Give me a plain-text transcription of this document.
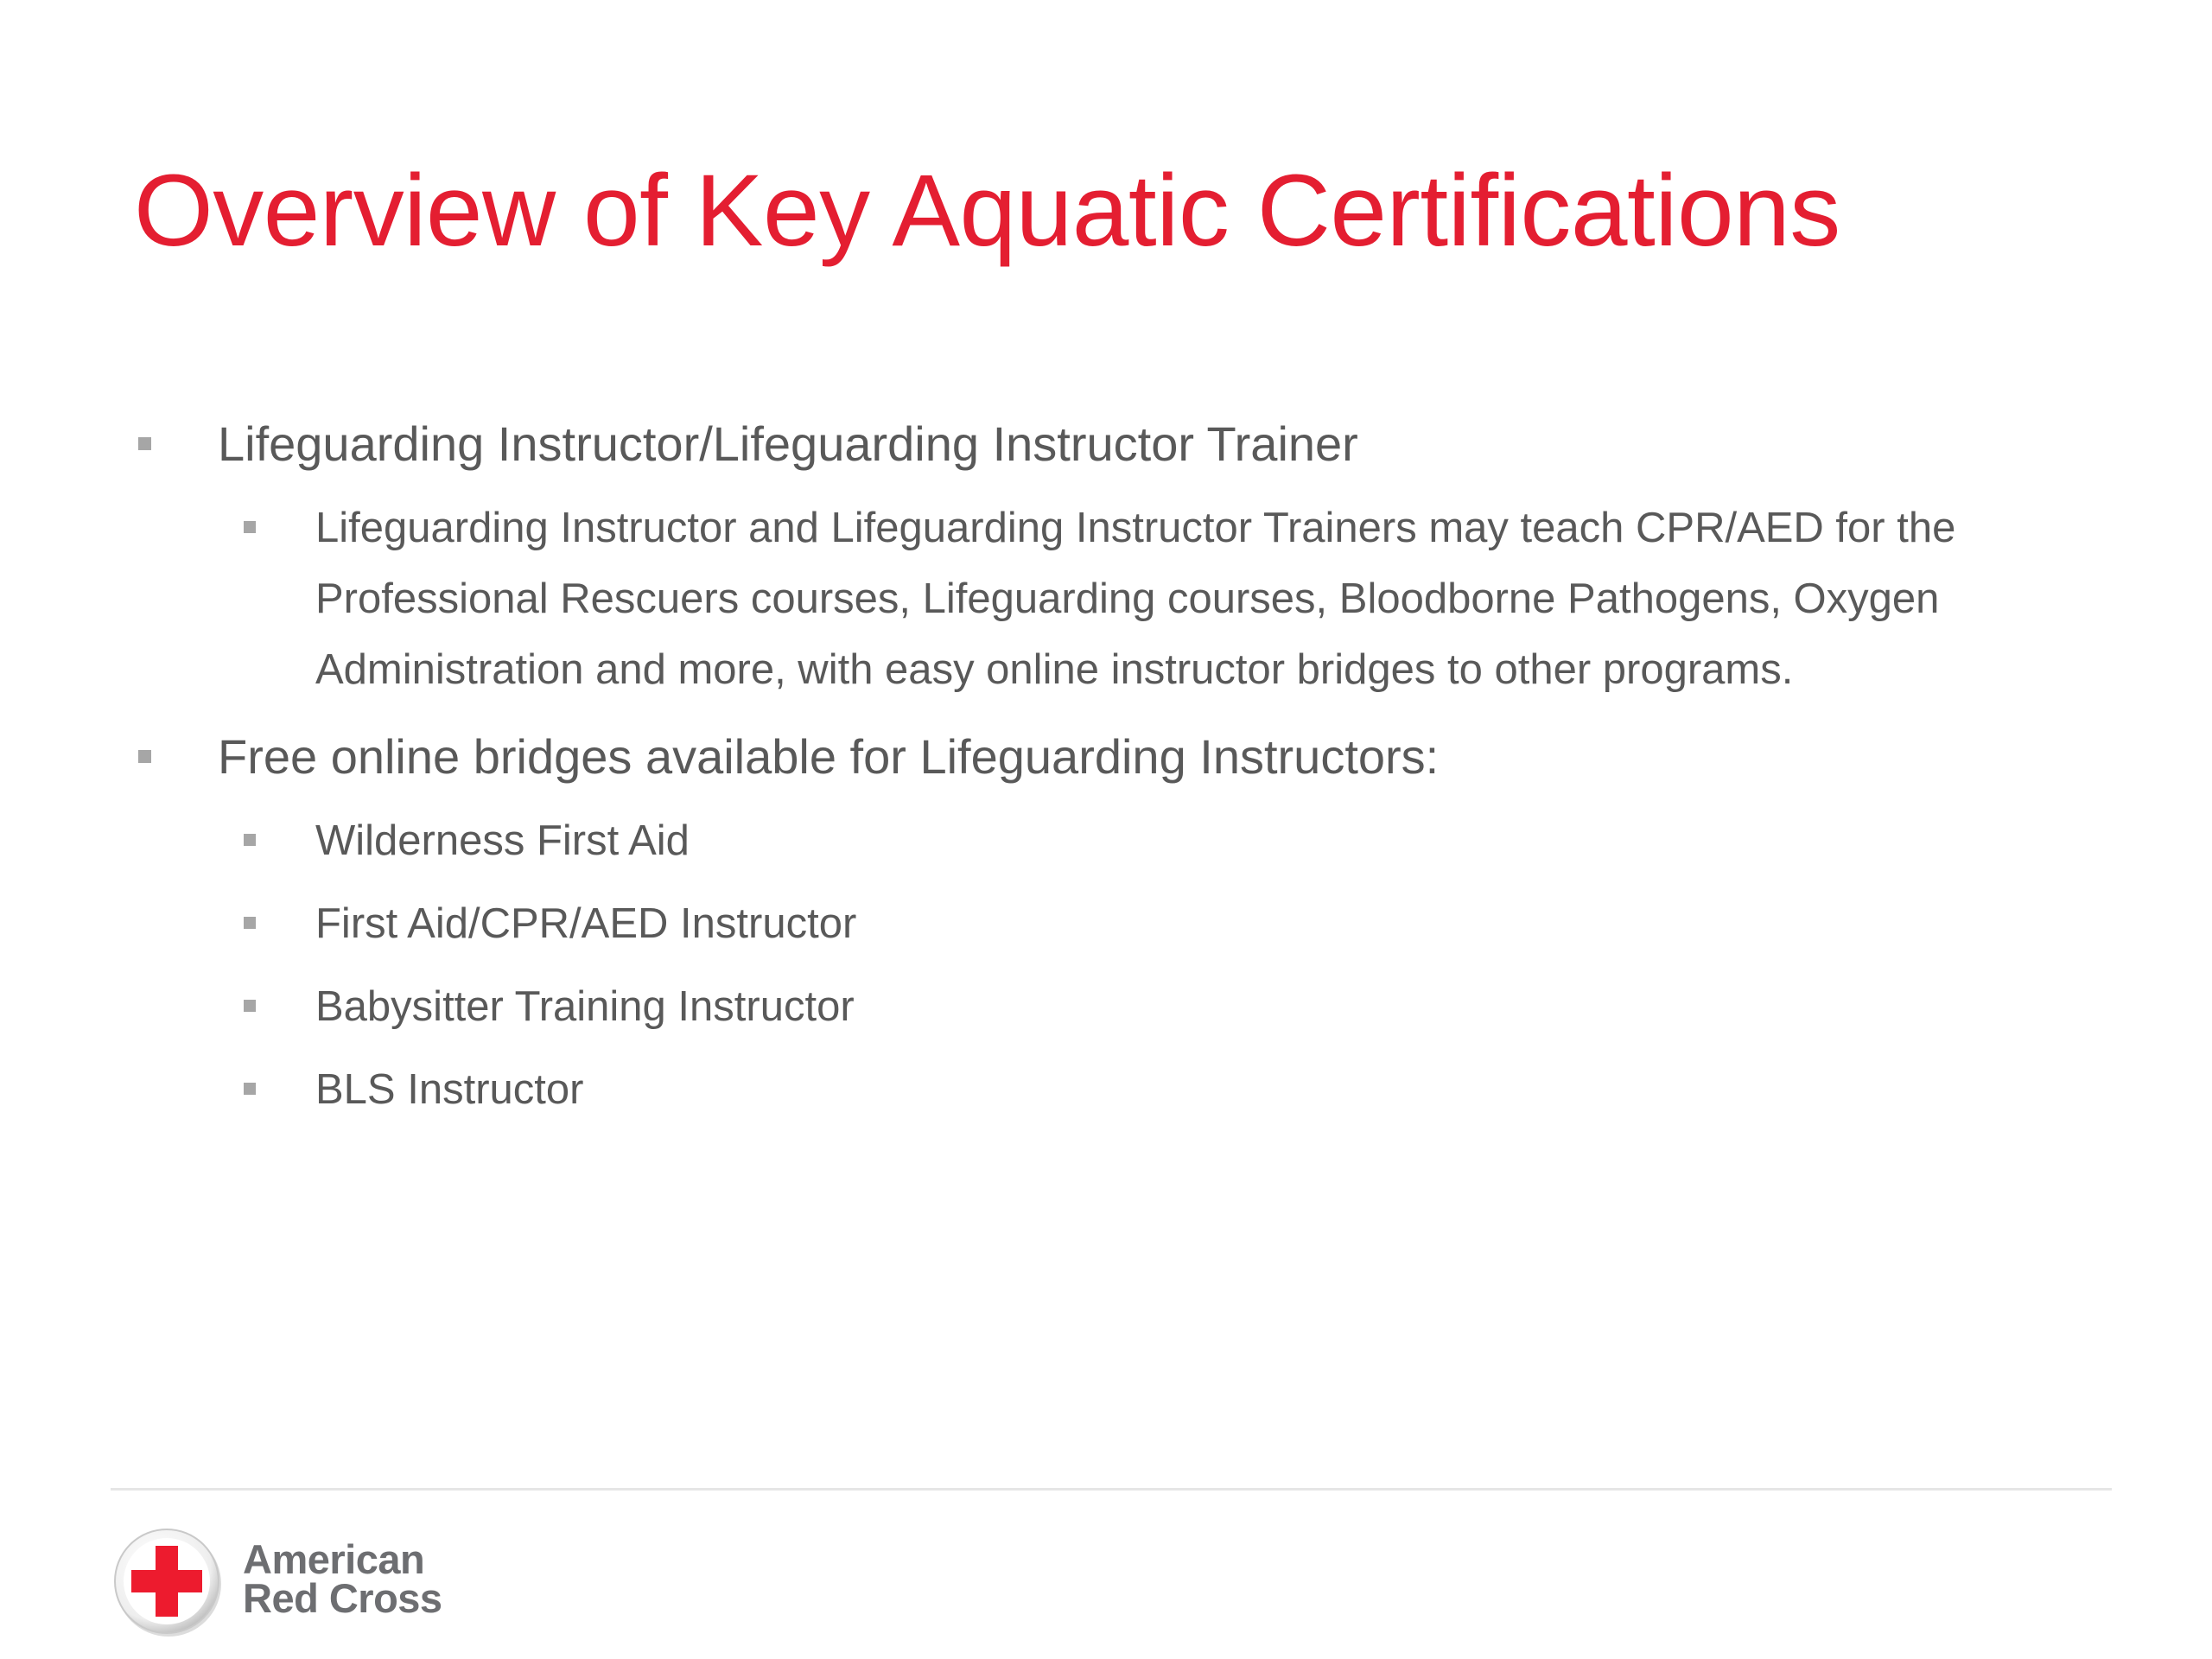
Overview of Key Aquatic Certifications
Lifeguarding Instructor/Lifeguarding Instructor Trainer
Lifeguarding Instructor and Lifeguarding Instructor Trainers may teach CPR/AED for the Professional Rescuers courses, Lifeguarding courses, Bloodborne Pathogens, Oxygen Administration and more, with easy online instructor bridges to other programs.
Free online bridges available for Lifeguarding Instructors:
Wilderness First Aid
First Aid/CPR/AED Instructor
Babysitter Training Instructor
BLS Instructor
American
Red Cross
